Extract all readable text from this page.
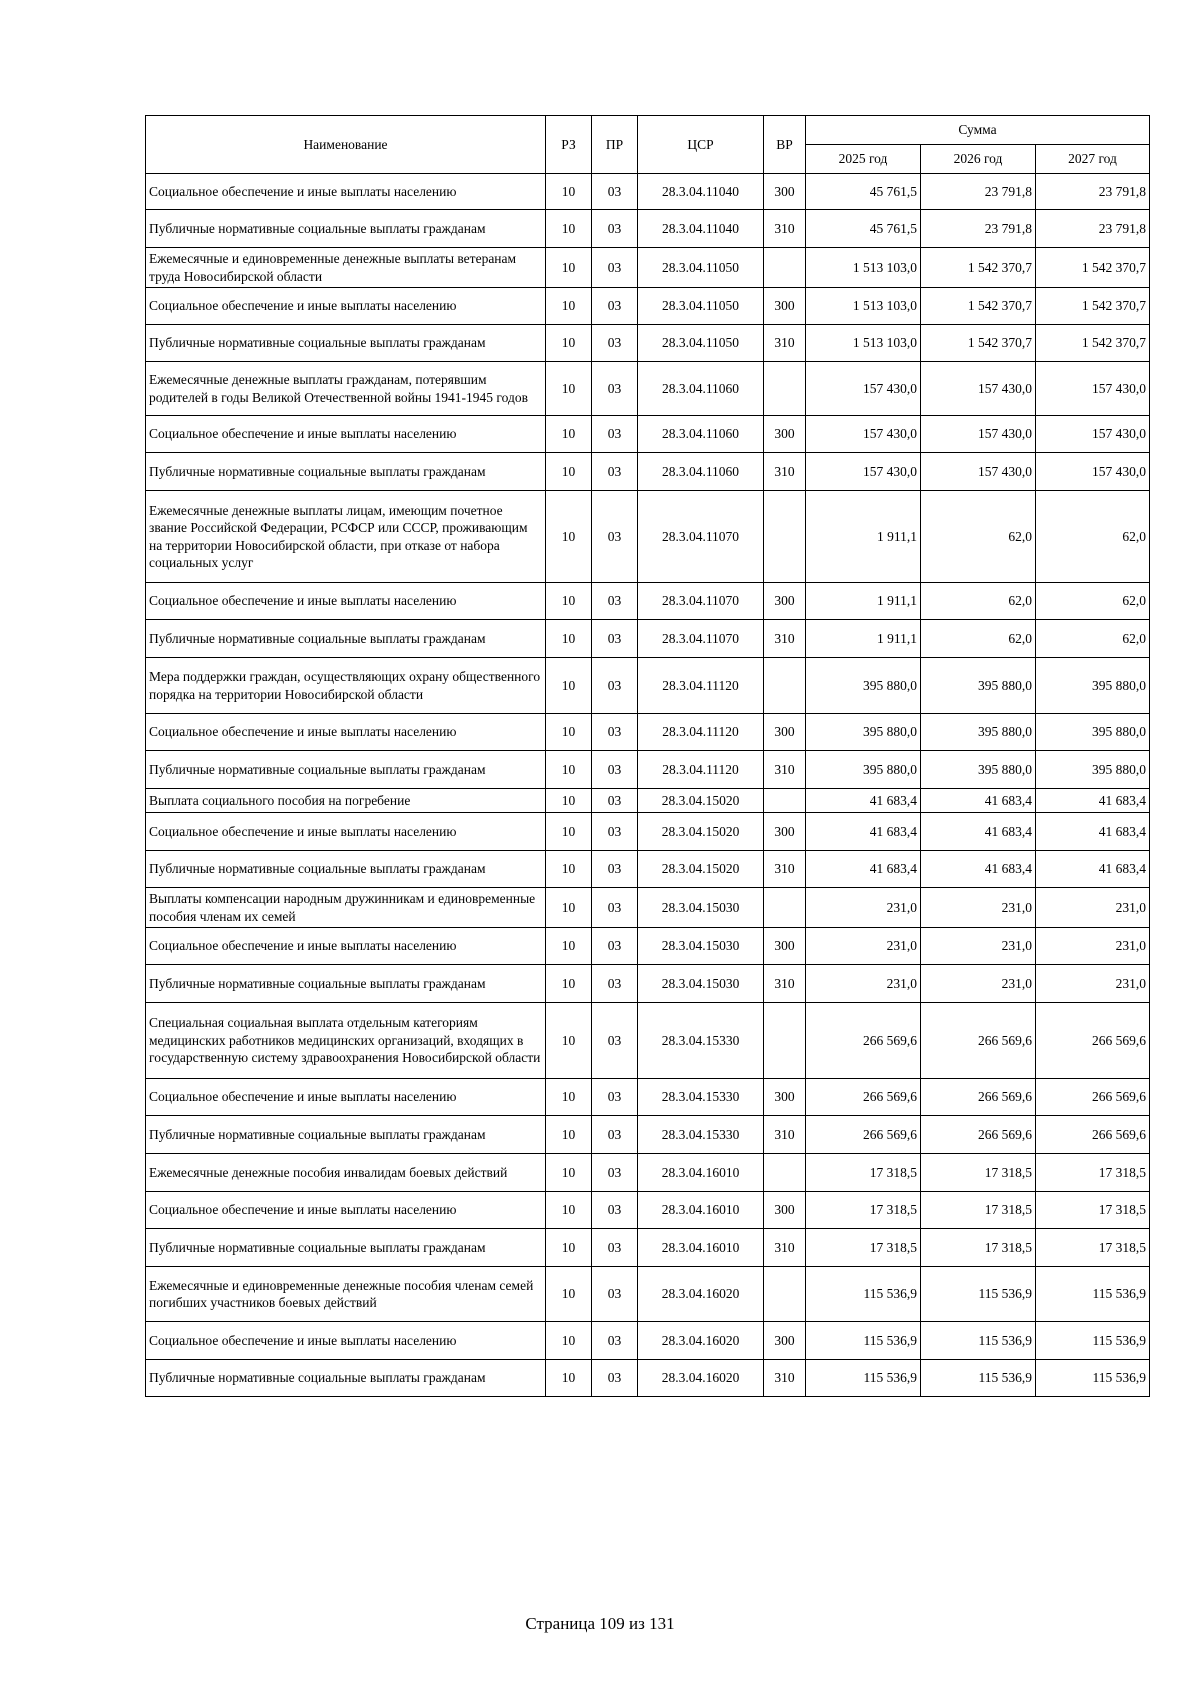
Наименование	РЗ	ПР	ЦСР	ВР	Сумма		
					2025 год	2026 год	2027 год
Социальное обеспечение и иные выплаты населению	10	03	28.3.04.11040	300	45 761,5	23 791,8	23 791,8
Публичные нормативные социальные выплаты гражданам	10	03	28.3.04.11040	310	45 761,5	23 791,8	23 791,8
Ежемесячные и единовременные денежные выплаты ветеранам труда Новосибирской области	10	03	28.3.04.11050		1 513 103,0	1 542 370,7	1 542 370,7
Социальное обеспечение и иные выплаты населению	10	03	28.3.04.11050	300	1 513 103,0	1 542 370,7	1 542 370,7
Публичные нормативные социальные выплаты гражданам	10	03	28.3.04.11050	310	1 513 103,0	1 542 370,7	1 542 370,7
Ежемесячные денежные выплаты гражданам, потерявшим родителей в годы Великой Отечественной войны 1941-1945 годов	10	03	28.3.04.11060		157 430,0	157 430,0	157 430,0
Социальное обеспечение и иные выплаты населению	10	03	28.3.04.11060	300	157 430,0	157 430,0	157 430,0
Публичные нормативные социальные выплаты гражданам	10	03	28.3.04.11060	310	157 430,0	157 430,0	157 430,0
Ежемесячные денежные выплаты лицам, имеющим почетное звание Российской Федерации, РСФСР или СССР, проживающим на территории Новосибирской области, при отказе от набора социальных услуг	10	03	28.3.04.11070		1 911,1	62,0	62,0
Социальное обеспечение и иные выплаты населению	10	03	28.3.04.11070	300	1 911,1	62,0	62,0
Публичные нормативные социальные выплаты гражданам	10	03	28.3.04.11070	310	1 911,1	62,0	62,0
Мера поддержки граждан, осуществляющих охрану общественного порядка на территории Новосибирской области	10	03	28.3.04.11120		395 880,0	395 880,0	395 880,0
Социальное обеспечение и иные выплаты населению	10	03	28.3.04.11120	300	395 880,0	395 880,0	395 880,0
Публичные нормативные социальные выплаты гражданам	10	03	28.3.04.11120	310	395 880,0	395 880,0	395 880,0
Выплата социального пособия на погребение	10	03	28.3.04.15020		41 683,4	41 683,4	41 683,4
Социальное обеспечение и иные выплаты населению	10	03	28.3.04.15020	300	41 683,4	41 683,4	41 683,4
Публичные нормативные социальные выплаты гражданам	10	03	28.3.04.15020	310	41 683,4	41 683,4	41 683,4
Выплаты компенсации народным дружинникам и единовременные пособия членам их семей	10	03	28.3.04.15030		231,0	231,0	231,0
Социальное обеспечение и иные выплаты населению	10	03	28.3.04.15030	300	231,0	231,0	231,0
Публичные нормативные социальные выплаты гражданам	10	03	28.3.04.15030	310	231,0	231,0	231,0
Специальная социальная выплата отдельным категориям медицинских работников медицинских организаций, входящих в государственную систему здравоохранения Новосибирской области	10	03	28.3.04.15330		266 569,6	266 569,6	266 569,6
Социальное обеспечение и иные выплаты населению	10	03	28.3.04.15330	300	266 569,6	266 569,6	266 569,6
Публичные нормативные социальные выплаты гражданам	10	03	28.3.04.15330	310	266 569,6	266 569,6	266 569,6
Ежемесячные денежные пособия инвалидам боевых действий	10	03	28.3.04.16010		17 318,5	17 318,5	17 318,5
Социальное обеспечение и иные выплаты населению	10	03	28.3.04.16010	300	17 318,5	17 318,5	17 318,5
Публичные нормативные социальные выплаты гражданам	10	03	28.3.04.16010	310	17 318,5	17 318,5	17 318,5
Ежемесячные и единовременные денежные пособия членам семей погибших участников боевых действий	10	03	28.3.04.16020		115 536,9	115 536,9	115 536,9
Социальное обеспечение и иные выплаты населению	10	03	28.3.04.16020	300	115 536,9	115 536,9	115 536,9
Публичные нормативные социальные выплаты гражданам	10	03	28.3.04.16020	310	115 536,9	115 536,9	115 536,9
Страница 109 из 131
